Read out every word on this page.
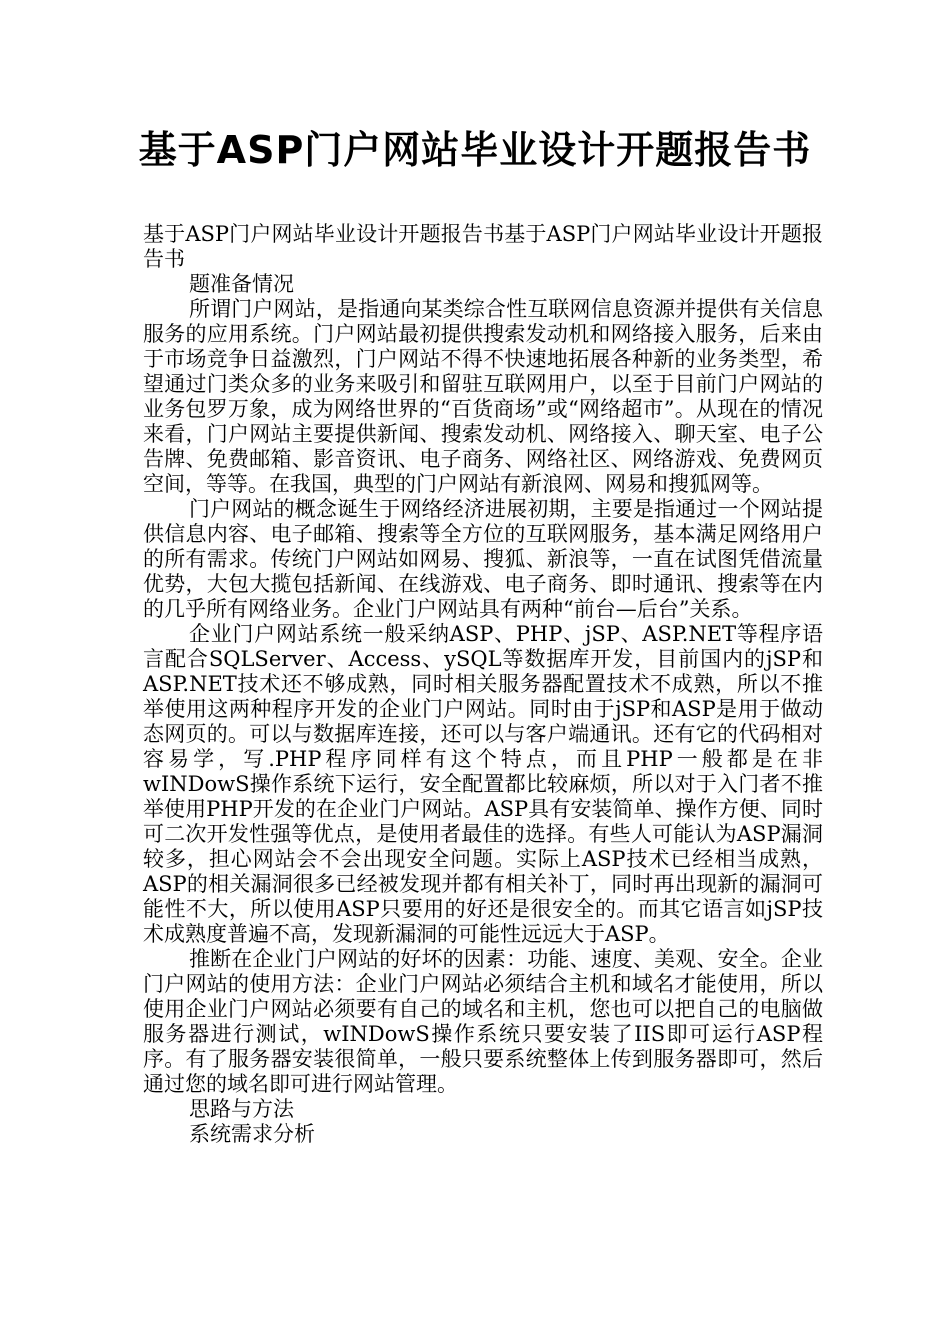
基于ASP门户网站毕业设计开题报告书

基于ASP门户网站毕业设计开题报告书基于ASP门户网站毕业设计开题报告书

题准备情况

所谓门户网站，是指通向某类综合性互联网信息资源并提供有关信息服务的应用系统。门户网站最初提供搜索发动机和网络接入服务，后来由于市场竞争日益激烈，门户网站不得不快速地拓展各种新的业务类型，希望通过门类众多的业务来吸引和留驻互联网用户，以至于目前门户网站的业务包罗万象，成为网络世界的“百货商场”或“网络超市”。从现在的情况来看，门户网站主要提供新闻、搜索发动机、网络接入、聊天室、电子公告牌、免费邮箱、影音资讯、电子商务、网络社区、网络游戏、免费网页空间，等等。在我国，典型的门户网站有新浪网、网易和搜狐网等。

门户网站的概念诞生于网络经济进展初期，主要是指通过一个网站提供信息内容、电子邮箱、搜索等全方位的互联网服务，基本满足网络用户的所有需求。传统门户网站如网易、搜狐、新浪等，一直在试图凭借流量优势，大包大揽包括新闻、在线游戏、电子商务、即时通讯、搜索等在内的几乎所有网络业务。企业门户网站具有两种“前台—后台”关系。

企业门户网站系统一般采纳ASP、PHP、jSP、ASP.NET等程序语言配合SQLServer、Access、ySQL等数据库开发，目前国内的jSP和ASP.NET技术还不够成熟，同时相关服务器配置技术不成熟，所以不推举使用这两种程序开发的企业门户网站。同时由于jSP和ASP是用于做动态网页的。可以与数据库连接，还可以与客户端通讯。还有它的代码相对容易学，写.PHP程序同样有这个特点，而且PHP一般都是在非wINDowS操作系统下运行，安全配置都比较麻烦，所以对于入门者不推举使用PHP开发的在企业门户网站。ASP具有安装简单、操作方便、同时可二次开发性强等优点，是使用者最佳的选择。有些人可能认为ASP漏洞较多，担心网站会不会出现安全问题。实际上ASP技术已经相当成熟，ASP的相关漏洞很多已经被发现并都有相关补丁，同时再出现新的漏洞可能性不大，所以使用ASP只要用的好还是很安全的。而其它语言如jSP技术成熟度普遍不高，发现新漏洞的可能性远远大于ASP。

推断在企业门户网站的好坏的因素：功能、速度、美观、安全。企业门户网站的使用方法：企业门户网站必须结合主机和域名才能使用，所以使用企业门户网站必须要有自己的域名和主机，您也可以把自己的电脑做服务器进行测试，wINDowS操作系统只要安装了IIS即可运行ASP程序。有了服务器安装很简单，一般只要系统整体上传到服务器即可，然后通过您的域名即可进行网站管理。

思路与方法

系统需求分析
